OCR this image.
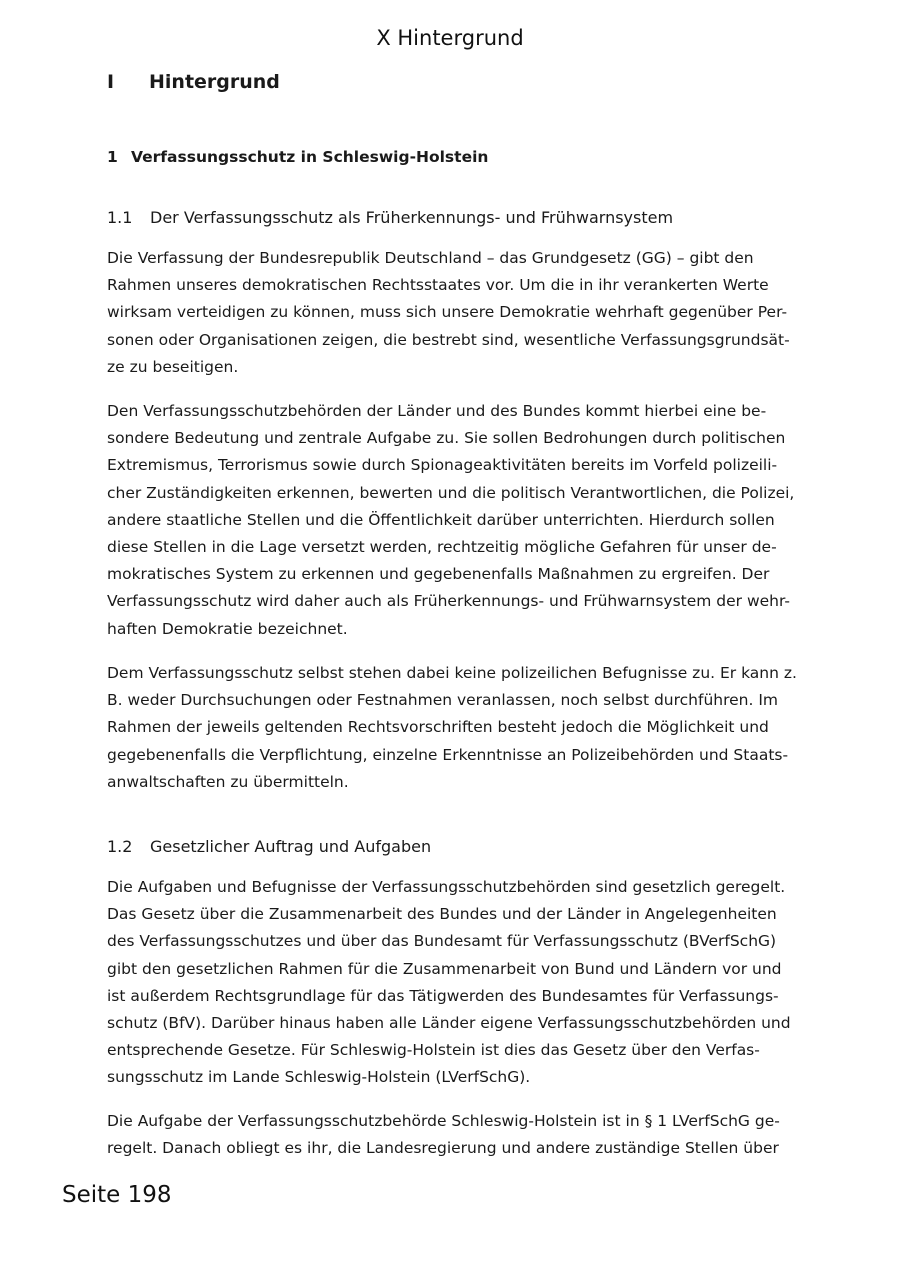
X Hintergrund
I Hintergrund
1 Verfassungsschutz in Schleswig-Holstein
1.1 Der Verfassungsschutz als Früherkennungs- und Frühwarnsystem

Die Verfassung der Bundesrepublik Deutschland – das Grundgesetz (GG) – gibt den
Rahmen unseres demokratischen Rechtsstaates vor. Um die in ihr verankerten Werte
wirksam verteidigen zu können, muss sich unsere Demokratie wehrhaft gegenüber Per-
sonen oder Organisationen zeigen, die bestrebt sind, wesentliche Verfassungsgrundsät-
ze zu beseitigen.

Den Verfassungsschutzbehörden der Länder und des Bundes kommt hierbei eine be-
sondere Bedeutung und zentrale Aufgabe zu. Sie sollen Bedrohungen durch politischen
Extremismus, Terrorismus sowie durch Spionageaktivitäten bereits im Vorfeld polizeili-
cher Zuständigkeiten erkennen, bewerten und die politisch Verantwortlichen, die Polizei,
andere staatliche Stellen und die Öffentlichkeit darüber unterrichten. Hierdurch sollen
diese Stellen in die Lage versetzt werden, rechtzeitig mögliche Gefahren für unser de-
mokratisches System zu erkennen und gegebenenfalls Maßnahmen zu ergreifen. Der
Verfassungsschutz wird daher auch als Früherkennungs- und Frühwarnsystem der wehr-
haften Demokratie bezeichnet.

Dem Verfassungsschutz selbst stehen dabei keine polizeilichen Befugnisse zu. Er kann z.
B. weder Durchsuchungen oder Festnahmen veranlassen, noch selbst durchführen. Im
Rahmen der jeweils geltenden Rechtsvorschriften besteht jedoch die Möglichkeit und
gegebenenfalls die Verpflichtung, einzelne Erkenntnisse an Polizeibehörden und Staats-
anwaltschaften zu übermitteln.

1.2 Gesetzlicher Auftrag und Aufgaben

Die Aufgaben und Befugnisse der Verfassungsschutzbehörden sind gesetzlich geregelt.
Das Gesetz über die Zusammenarbeit des Bundes und der Länder in Angelegenheiten
des Verfassungsschutzes und über das Bundesamt für Verfassungsschutz (BVerfSchG)
gibt den gesetzlichen Rahmen für die Zusammenarbeit von Bund und Ländern vor und
ist außerdem Rechtsgrundlage für das Tätigwerden des Bundesamtes für Verfassungs-
schutz (BfV). Darüber hinaus haben alle Länder eigene Verfassungsschutzbehörden und
entsprechende Gesetze. Für Schleswig-Holstein ist dies das Gesetz über den Verfas-
sungsschutz im Lande Schleswig-Holstein (LVerfSchG).

Die Aufgabe der Verfassungsschutzbehörde Schleswig-Holstein ist in § 1 LVerfSchG ge-
regelt. Danach obliegt es ihr, die Landesregierung und andere zuständige Stellen über

Seite 198
